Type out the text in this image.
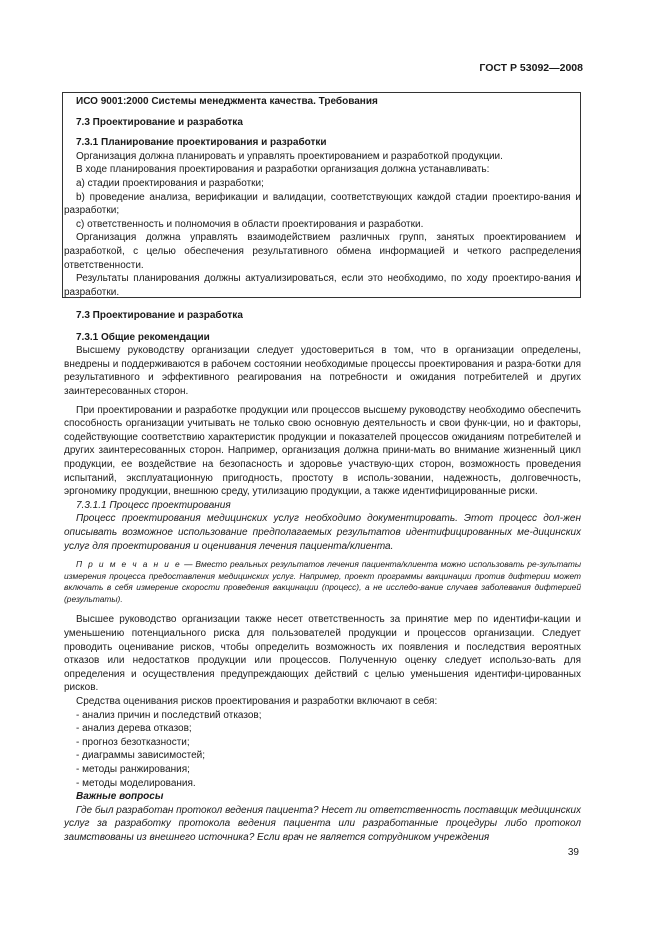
ГОСТ Р 53092—2008

ИСО 9001:2000 Системы менеджмента качества. Требования

7.3 Проектирование и разработка

7.3.1 Планирование проектирования и разработки

Организация должна планировать и управлять проектированием и разработкой продукции.

В ходе планирования проектирования и разработки организация должна устанавливать:

а) стадии проектирования и разработки;

b) проведение анализа, верификации и валидации, соответствующих каждой стадии проектиро-вания и разработки;

с) ответственность и полномочия в области проектирования и разработки.

Организация должна управлять взаимодействием различных групп, занятых проектированием и разработкой, с целью обеспечения результативного обмена информацией и четкого распределения ответственности.

Результаты планирования должны актуализироваться, если это необходимо, по ходу проектиро-вания и разработки.

7.3 Проектирование и разработка

7.3.1 Общие рекомендации

Высшему руководству организации следует удостовериться в том, что в организации определены, внедрены и поддерживаются в рабочем состоянии необходимые процессы проектирования и разра-ботки для результативного и эффективного реагирования на потребности и ожидания потребителей и других заинтересованных сторон.

При проектировании и разработке продукции или процессов высшему руководству необходимо обеспечить способность организации учитывать не только свою основную деятельность и свои функ-ции, но и факторы, содействующие соответствию характеристик продукции и показателей процессов ожиданиям потребителей и других заинтересованных сторон. Например, организация должна прини-мать во внимание жизненный цикл продукции, ее воздействие на безопасность и здоровье участвую-щих сторон, возможность проведения испытаний, эксплуатационную пригодность, простоту в исполь-зовании, надежность, долговечность, эргономику продукции, внешнюю среду, утилизацию продукции, а также идентифицированные риски.

7.3.1.1 Процесс проектирования

Процесс проектирования медицинских услуг необходимо документировать. Этот процесс дол-жен описывать возможное использование предполагаемых результатов идентифицированных ме-дицинских услуг для проектирования и оценивания лечения пациента/клиента.

П р и м е ч а н и е — Вместо реальных результатов лечения пациента/клиента можно использовать ре-зультаты измерения процесса предоставления медицинских услуг. Например, проект программы вакцинации против дифтерии может включать в себя измерение скорости проведения вакцинации (процесс), а не исследо-вание случаев заболевания дифтерией (результаты).

Высшее руководство организации также несет ответственность за принятие мер по идентифи-кации и уменьшению потенциального риска для пользователей продукции и процессов организации. Следует проводить оценивание рисков, чтобы определить возможность их появления и последствия вероятных отказов или недостатков продукции или процессов. Полученную оценку следует использо-вать для определения и осуществления предупреждающих действий с целью уменьшения идентифи-цированных рисков.

Средства оценивания рисков проектирования и разработки включают в себя:

- анализ причин и последствий отказов;

- анализ дерева отказов;

- прогноз безотказности;

- диаграммы зависимостей;

- методы ранжирования;

- методы моделирования.

Важные вопросы

Где был разработан протокол ведения пациента? Несет ли ответственность поставщик медицинских услуг за разработку протокола ведения пациента или разработанные процедуры либо протокол заимствованы из внешнего источника? Если врач не является сотрудником учреждения

39
